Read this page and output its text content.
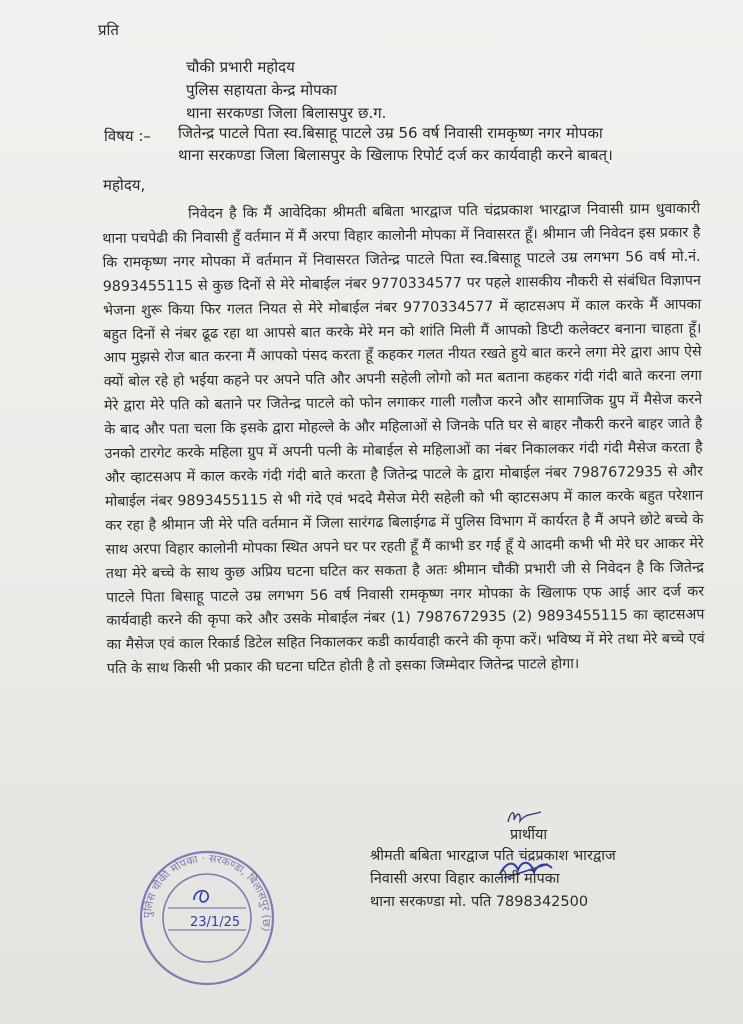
प्रति
चौकी प्रभारी महोदय
पुलिस सहायता केन्द्र मोपका
थाना सरकण्डा जिला बिलासपुर छ.ग.
विषय :– जितेन्द्र पाटले पिता स्व.बिसाहू पाटले उम्र 56 वर्ष निवासी रामकृष्ण नगर मोपका
थाना सरकण्डा जिला बिलासपुर के खिलाफ रिपोर्ट दर्ज कर कार्यवाही करने बाबत्।
महोदय,
निवेदन है कि मैं आवेदिका श्रीमती बबिता भारद्वाज पति चंद्रप्रकाश भारद्वाज निवासी ग्राम धुवाकारी थाना पचपेढी की निवासी हुँ वर्तमान में मैं अरपा विहार कालोनी मोपका में निवासरत हूँ। श्रीमान जी निवेदन इस प्रकार है कि रामकृष्ण नगर मोपका में वर्तमान में निवासरत जितेन्द्र पाटले पिता स्व.बिसाहू पाटले उम्र लगभग 56 वर्ष मो.नं. 9893455115 से कुछ दिनों से मेरे मोबाईल नंबर 9770334577 पर पहले शासकीय नौकरी से संबंधित विज्ञापन भेजना शुरू किया फिर गलत नियत से मेरे मोबाईल नंबर 9770334577 में व्हाटसअप में काल करके मैं आपका बहुत दिनों से नंबर ढूढ रहा था आपसे बात करके मेरे मन को शांति मिली मैं आपको डिप्टी कलेक्टर बनाना चाहता हूँ। आप मुझसे रोज बात करना मैं आपको पंसद करता हूँ कहकर गलत नीयत रखते हुये बात करने लगा मेरे द्वारा आप ऐसे क्यों बोल रहे हो भईया कहने पर अपने पति और अपनी सहेली लोगो को मत बताना कहकर गंदी गंदी बाते करना लगा मेरे द्वारा मेरे पति को बताने पर जितेन्द्र पाटले को फोन लगाकर गाली गलौज करने और सामाजिक ग्रुप में मैसेज करने के बाद और पता चला कि इसके द्वारा मोहल्ले के और महिलाओं से जिनके पति घर से बाहर नौकरी करने बाहर जाते है उनको टारगेट करके महिला ग्रुप में अपनी पत्नी के मोबाईल से महिलाओं का नंबर निकालकर गंदी गंदी मैसेज करता है और व्हाटसअप में काल करके गंदी गंदी बाते करता है जितेन्द्र पाटले के द्वारा मोबाईल नंबर 7987672935 से और मोबाईल नंबर 9893455115 से भी गंदे एवं भददे मैसेज मेरी सहेली को भी व्हाटसअप में काल करके बहुत परेशान कर रहा है श्रीमान जी मेरे पति वर्तमान में जिला सारंगढ बिलाईगढ में पुलिस विभाग में कार्यरत है मैं अपने छोटे बच्चे के साथ अरपा विहार कालोनी मोपका स्थित अपने घर पर रहती हूँ मैं काभी डर गई हूँ ये आदमी कभी भी मेरे घर आकर मेरे तथा मेरे बच्चे के साथ कुछ अप्रिय घटना घटित कर सकता है अतः श्रीमान चौकी प्रभारी जी से निवेदन है कि जितेन्द्र पाटले पिता बिसाहू पाटले उम्र लगभग 56 वर्ष निवासी रामकृष्ण नगर मोपका के खिलाफ एफ आई आर दर्ज कर कार्यवाही करने की कृपा करे और उसके मोबाईल नंबर (1) 7987672935 (2) 9893455115 का व्हाटसअप का मैसेज एवं काल रिकार्ड डिटेल सहित निकालकर कडी कार्यवाही करने की कृपा करें। भविष्य में मेरे तथा मेरे बच्चे एवं पति के साथ किसी भी प्रकार की घटना घटित होती है तो इसका जिम्मेदार जितेन्द्र पाटले होगा।
प्रार्थीया
श्रीमती बबिता भारद्वाज पति चंद्रप्रकाश भारद्वाज
निवासी अरपा विहार कालोनी मोपका
थाना सरकण्डा मो. पति 7898342500
पुलिस चौकी मोपका · सरकण्डा, बिलासपुर (छ)
23/1/25
